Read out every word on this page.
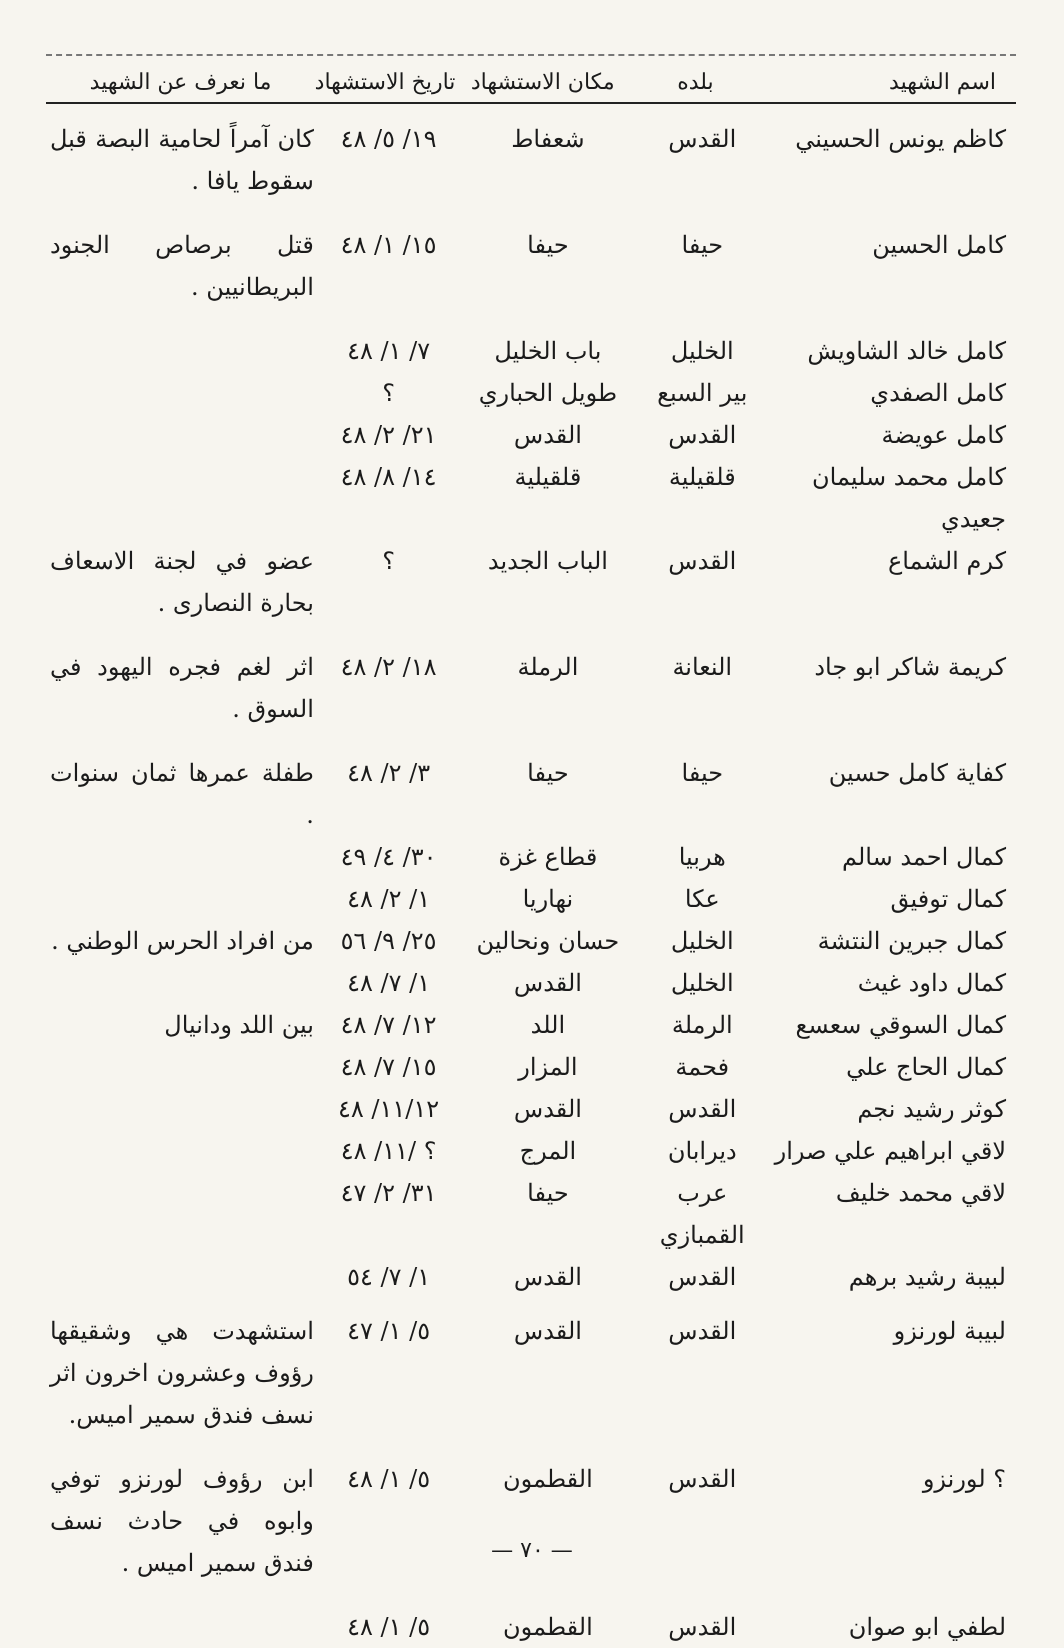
اسم الشهيد
بلده
مكان الاستشهاد
تاريخ الاستشهاد
ما نعرف عن الشهيد
كاظم يونس الحسيني
القدس
شعفاط
١٩/ ٥/ ٤٨
كان آمراً لحامية البصة قبل سقوط يافا .
كامل الحسين
حيفا
حيفا
١٥/ ١/ ٤٨
قتل برصاص الجنود البريطانيين .
كامل خالد الشاويش
الخليل
باب الخليل
٧/ ١/ ٤٨
كامل الصفدي
بير السبع
طويل الحباري
؟
كامل عويضة
القدس
القدس
٢١/ ٢/ ٤٨
كامل محمد سليمان جعيدي
قلقيلية
قلقيلية
١٤/ ٨/ ٤٨
كرم الشماع
القدس
الباب الجديد
؟
عضو في لجنة الاسعاف بحارة النصارى .
كريمة شاكر ابو جاد
النعانة
الرملة
١٨/ ٢/ ٤٨
اثر لغم فجره اليهود في السوق .
كفاية كامل حسين
حيفا
حيفا
٣/ ٢/ ٤٨
طفلة عمرها ثمان سنوات .
كمال احمد سالم
هربيا
قطاع غزة
٣٠/ ٤/ ٤٩
كمال توفيق
عكا
نهاريا
١/ ٢/ ٤٨
كمال جبرين النتشة
الخليل
حسان ونحالين
٢٥/ ٩/ ٥٦
من افراد الحرس الوطني .
كمال داود غيث
الخليل
القدس
١/ ٧/ ٤٨
كمال السوقي سعسع
الرملة
اللد
١٢/ ٧/ ٤٨
بين اللد ودانيال
كمال الحاج علي
فحمة
المزار
١٥/ ٧/ ٤٨
كوثر رشيد نجم
القدس
القدس
١١/١٢/ ٤٨
لاقي ابراهيم علي صرار
ديرابان
المرج
؟ /١١/ ٤٨
لاقي محمد خليف
عرب القمبازي
حيفا
٣١/ ٢/ ٤٧
لبيبة رشيد برهم
القدس
القدس
١/ ٧/ ٥٤
لبيبة لورنزو
القدس
القدس
٥/ ١/ ٤٧
استشهدت هي وشقيقها رؤوف وعشرون اخرون اثر نسف فندق سمير اميس.
؟ لورنزو
القدس
القطمون
٥/ ١/ ٤٨
ابن رؤوف لورنزو توفي وابوه في حادث نسف فندق سمير اميس .
لطفي ابو صوان
القدس
القطمون
٥/ ١/ ٤٨
— ٧٠ —
